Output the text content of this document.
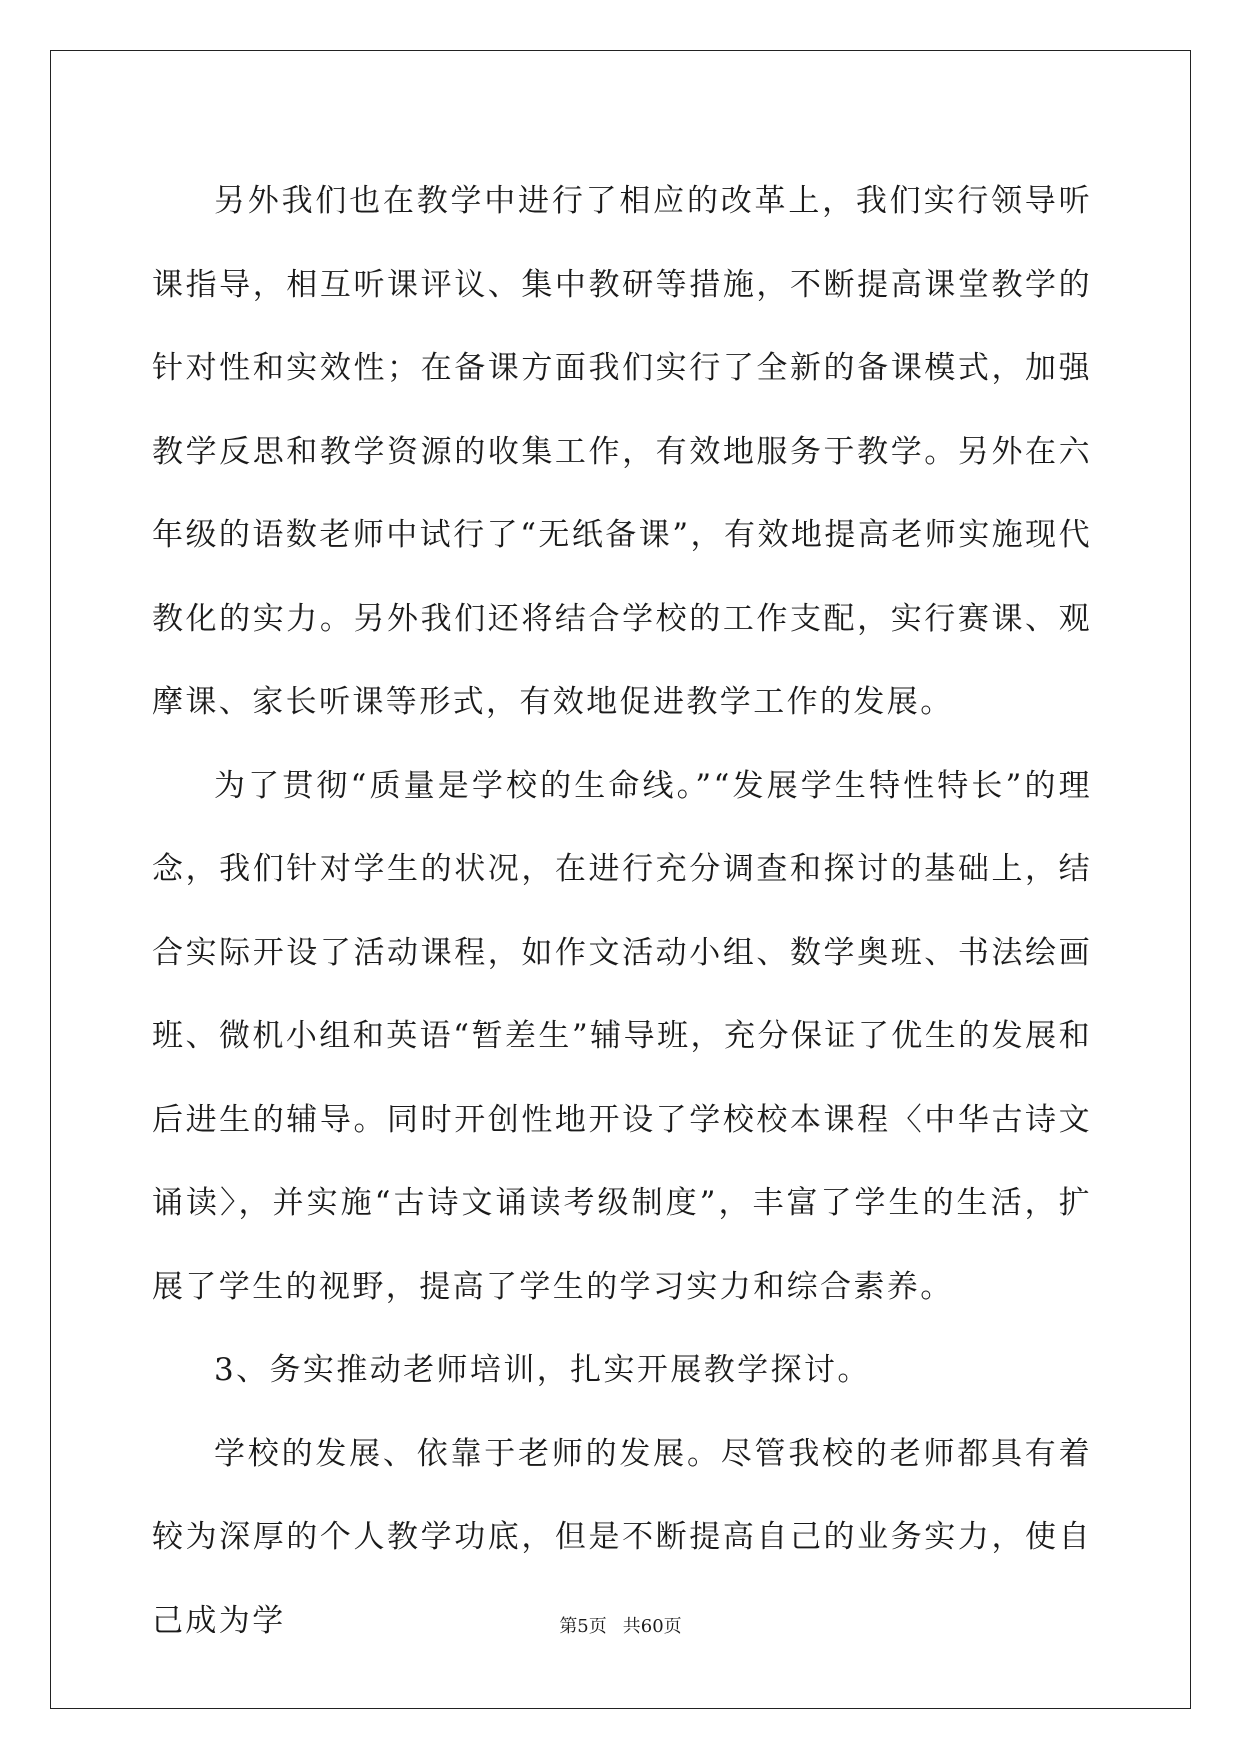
另外我们也在教学中进行了相应的改革上，我们实行领导听课指导，相互听课评议、集中教研等措施，不断提高课堂教学的针对性和实效性；在备课方面我们实行了全新的备课模式，加强教学反思和教学资源的收集工作，有效地服务于教学。另外在六年级的语数老师中试行了“无纸备课”，有效地提高老师实施现代教化的实力。另外我们还将结合学校的工作支配，实行赛课、观摩课、家长听课等形式，有效地促进教学工作的发展。

为了贯彻“质量是学校的生命线。”“发展学生特性特长”的理念，我们针对学生的状况，在进行充分调查和探讨的基础上，结合实际开设了活动课程，如作文活动小组、数学奥班、书法绘画班、微机小组和英语“暂差生”辅导班，充分保证了优生的发展和后进生的辅导。同时开创性地开设了学校校本课程〈中华古诗文诵读〉，并实施“古诗文诵读考级制度”，丰富了学生的生活，扩展了学生的视野，提高了学生的学习实力和综合素养。

3、务实推动老师培训，扎实开展教学探讨。

学校的发展、依靠于老师的发展。尽管我校的老师都具有着较为深厚的个人教学功底，但是不断提高自己的业务实力，使自己成为学	第5页 共60页
